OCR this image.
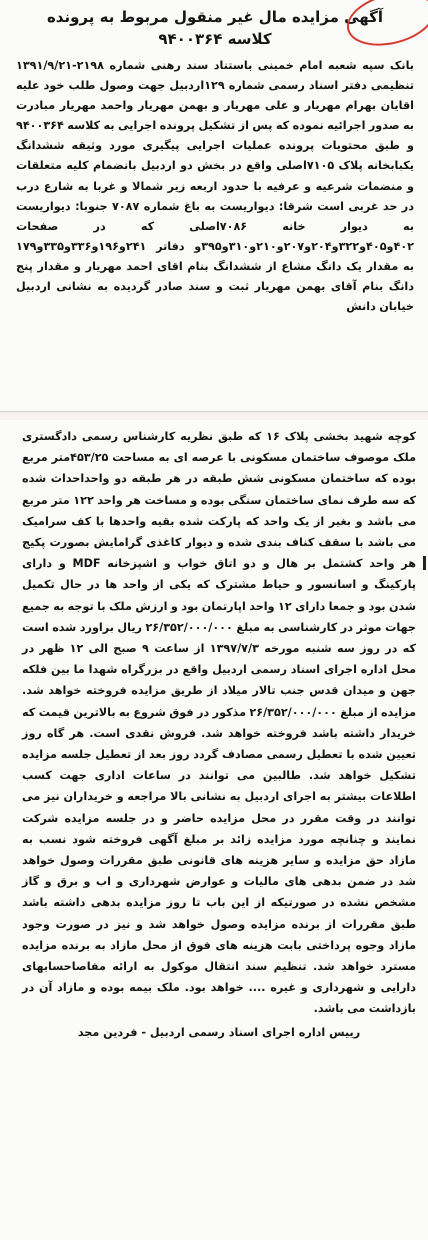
آگهی مزایده مال غیر منقول مربوط به پرونده
کلاسه ۹۴۰۰۳۶۴

بانک سپه شعبه امام خمینی باستناد سند رهنی شماره ۲۱۹۸-۱۳۹۱/۹/۲۱ تنظیمی دفتر اسناد رسمی شماره ۱۲۹اردبیل جهت وصول طلب خود علیه اقایان بهرام مهریار و علی مهریار و بهمن مهریار واحمد مهریار مبادرت به صدور اجرائیه نموده که پس از تشکیل پرونده اجرایی به کلاسه ۹۴۰۰۳۶۴ و طبق محتویات پرونده عملیات اجرایی پیگیری مورد وثیقه ششدانگ یکبابخانه پلاک ۷۱۰۵اصلی واقع در بخش دو اردبیل بانضمام کلیه متعلقات و منضمات شرعیه و عرفیه با حدود اربعه زیر شمالا و غربا به شارع درب در حد غربی است شرقا: دیواریست به باغ شماره ۷۰۸۷ جنوبا: دیواریست به دیوار خانه ۷۰۸۶اصلی که در صفحات ۴۰۲و۴۰۵و۳۲۲و۲۰۴و۲۰۷و۲۱۰و۳۱۰و۳۹۵و دفاتر ۲۴۱و۱۹۶و۳۳۶و۳۳۵و۱۷۹ به مقدار یک دانگ مشاع از ششدانگ بنام اقای احمد مهریار و مقدار پنج دانگ بنام آقای بهمن مهریار ثبت و سند صادر گردیده به نشانی اردبیل خیابان دانش

کوچه شهید بخشی پلاک ۱۶ که طبق نظریه کارشناس رسمی دادگستری ملک موصوف ساختمان مسکونی با عرصه ای به مساحت ۴۵۳/۲۵متر مربع بوده که ساختمان مسکونی شش طبقه در هر طبقه دو واحداحداث شده که سه طرف نمای ساختمان سنگی بوده و مساخت هر واحد ۱۲۲ متر مربع می باشد و بغیر از یک واحد که پارکت شده بقیه واحدها با کف سرامیک می باشد با سقف کناف بندی شده و دیوار کاغذی گرامایش بصورت پکیج هر واحد کشتمل بر هال و دو اتاق خواب و اشپزخانه MDF و دارای پارکینگ و اسانسور و حیاط مشترک که یکی از واحد ها در حال تکمیل شدن بود و جمعا دارای ۱۲ واحد اپارتمان بود و ارزش ملک با توجه به جمیع جهات موثر در کارشناسی به مبلغ ۲۶/۳۵۲/۰۰۰/۰۰۰ ریال براورد شده است که در روز سه شنبه مورخه ۱۳۹۷/۷/۳ از ساعت ۹ صبح الی ۱۲ ظهر در محل اداره اجرای اسناد رسمی اردبیل واقع در بزرگراه شهدا ما بین فلکه جهن و میدان قدس جنب تالار میلاد از طریق مزایده فروخته خواهد شد. مزایده از مبلغ ۲۶/۳۵۲/۰۰۰/۰۰۰ مذکور در فوق شروع به بالاترین قیمت که خریدار داشته باشد فروخته خواهد شد. فروش نقدی است. هر گاه روز تعیین شده با تعطیل رسمی مصادف گردد روز بعد از تعطیل جلسه مزایده تشکیل خواهد شد. طالبین می توانند در ساعات اداری جهت کسب اطلاعات بیشتر به اجرای اردبیل به نشانی بالا مراجعه و خریداران نیز می توانند در وقت مقرر در محل مزایده حاضر و در جلسه مزایده شرکت نمایند و چنانچه مورد مزایده زائد بر مبلغ آگهی فروخته شود نسب به مازاد حق مزایده و سایر هزینه های قانونی طبق مقررات وصول خواهد شد در ضمن بدهی های مالیات و عوارض شهرداری و اب و برق و گاز مشخص نشده در صورتیکه از این باب تا روز مزایده بدهی داشته باشد طبق مقررات از برنده مزایده وصول خواهد شد و نیز در صورت وجود مازاد وجوه پرداختی بابت هزینه های فوق از محل مازاد به برنده مزایده مسترد خواهد شد. تنظیم سند انتقال موکول به ارائه مفاصاحسابهای دارایی و شهرداری و غیره .... خواهد بود. ملک بیمه بوده و مازاد آن در بازداشت می باشد.

رییس اداره اجرای اسناد رسمی اردبیل - فردین مجد
